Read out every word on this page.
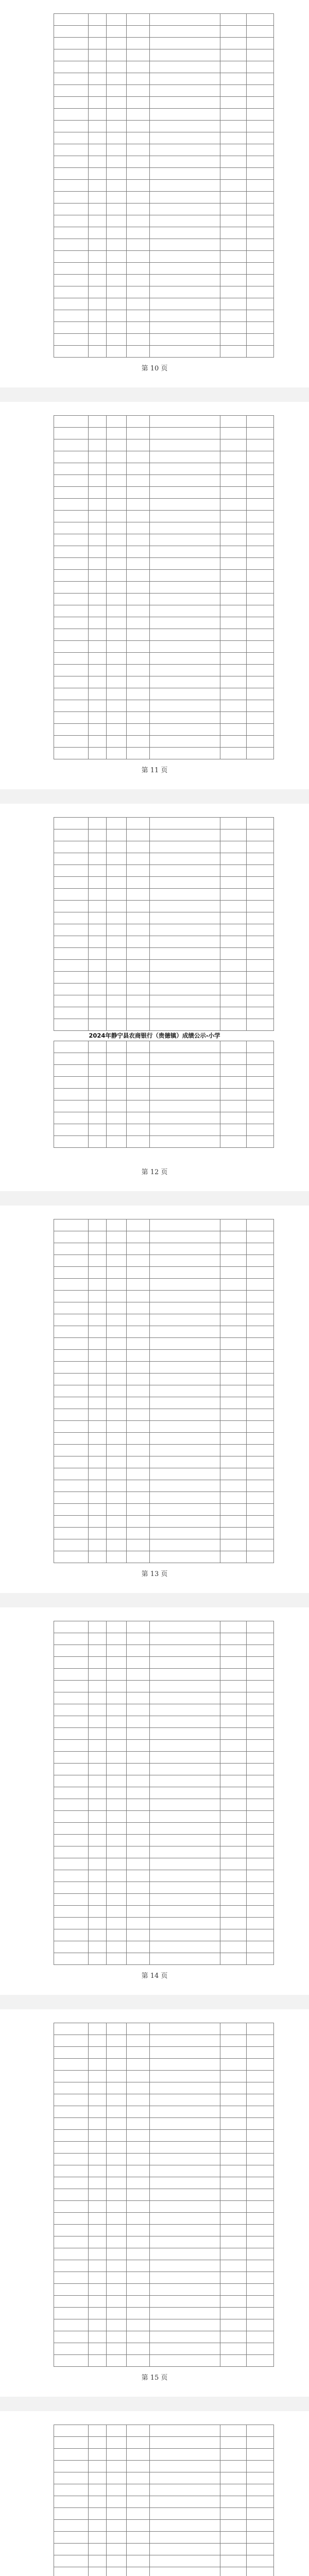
第 10 页

第 11 页

2024年静宁县农商银行（贵德镇）成绩公示-小学

第 12 页

第 13 页

第 14 页

第 15 页
